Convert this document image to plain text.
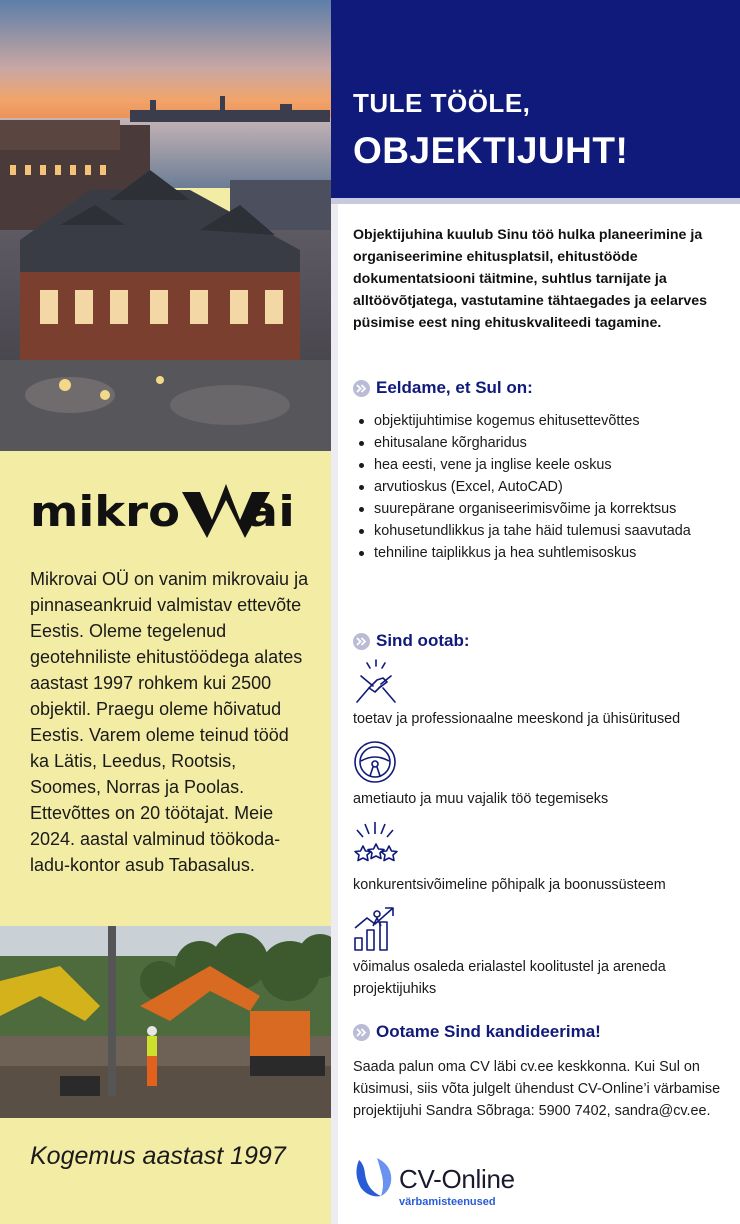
mikro ai

Mikrovai OÜ on vanim mikrovaiu ja pinnaseankruid valmistav ettevõte Eestis. Oleme tegelenud geotehniliste ehitustöödega alates aastast 1997 rohkem kui 2500 objektil. Praegu oleme hõivatud Eestis. Varem oleme teinud tööd ka Lätis, Leedus, Rootsis, Soomes, Norras ja Poolas. Ettevõttes on 20 töötajat. Meie 2024. aastal valminud töökoda-ladu-kontor asub Tabasalus.

Kogemus aastast 1997

TULE TÖÖLE,
OBJEKTIJUHT!

Objektijuhina kuulub Sinu töö hulka planeerimine ja organiseerimine ehitusplatsil, ehitustööde dokumentatsiooni täitmine, suhtlus tarnijate ja alltöövõtjatega, vastutamine tähtaegades ja eelarves püsimise eest ning ehituskvaliteedi tagamine.

Eeldame, et Sul on:
objektijuhtimise kogemus ehitusettevõttes
ehitusalane kõrgharidus
hea eesti, vene ja inglise keele oskus
arvutioskus (Excel, AutoCAD)
suurepärane organiseerimisvõime ja korrektsus
kohusetundlikkus ja tahe häid tulemusi saavutada
tehniline taiplikkus ja hea suhtlemisoskus
Sind ootab:

toetav ja professionaalne meeskond ja ühisüritused

ametiauto ja muu vajalik töö tegemiseks

konkurentsivõimeline põhipalk ja boonussüsteem

võimalus osaleda erialastel koolitustel ja areneda projektijuhiks

Ootame Sind kandideerima!

Saada palun oma CV läbi cv.ee keskkonna. Kui Sul on küsimusi, siis võta julgelt ühendust CV-Online’i värbamise projektijuhi Sandra Sõbraga: 5900 7402, sandra@cv.ee.

CV-Online
värbamisteenused
